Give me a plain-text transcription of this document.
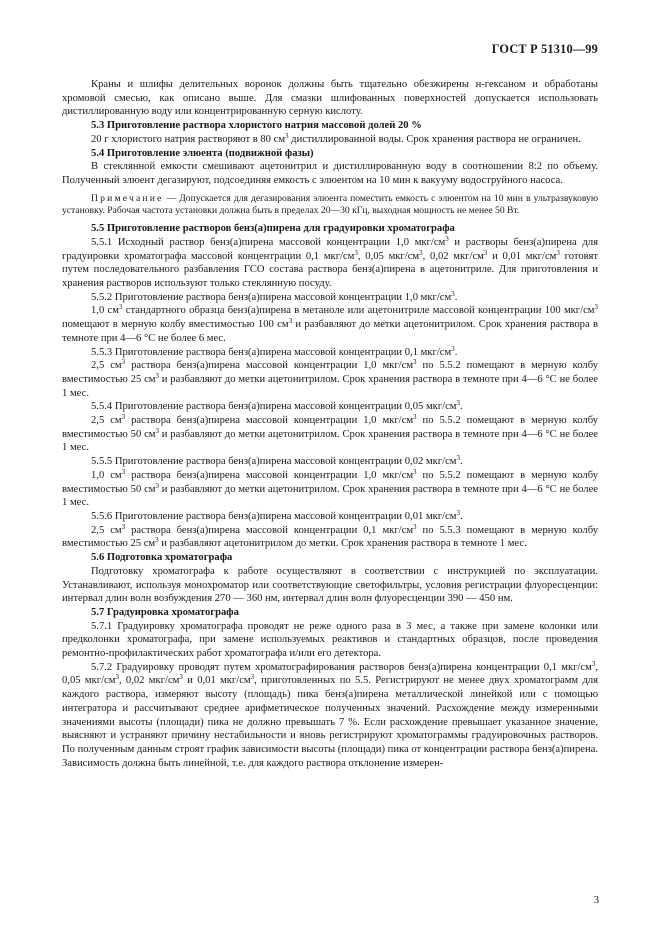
ГОСТ Р 51310—99

Краны и шлифы делительных воронок должны быть тщательно обезжирены н-гексаном и обработаны хромовой смесью, как описано выше. Для смазки шлифованных поверхностей допускается использовать дистиллированную воду или концентрированную серную кислоту.

5.3 Приготовление раствора хлористого натрия массовой долей 20 %

20 г хлористого натрия растворяют в 80 $см^3$ дистиллированной воды. Срок хранения раствора не ограничен.

5.4 Приготовление элюента (подвижной фазы)

В стеклянной емкости смешивают ацетонитрил и дистиллированную воду в соотношении 8:2 по объему. Полученный элюент дегазируют, подсоединяя емкость с элюентом на 10 мин к вакууму водоструйного насоса.

Примечание — Допускается для дегазирования элюента поместить емкость с элюентом на 10 мин в ультразвуковую установку. Рабочая частота установки должна быть в пределах 20—30 кГц, выходная мощность не менее 50 Вт.

5.5 Приготовление растворов бенз(а)пирена для градуировки хроматографа

5.5.1 Исходный раствор бенз(а)пирена массовой концентрации 1,0 мкг/$см^3$ и растворы бенз(а)пирена для градуировки хроматографа массовой концентрации 0,1 мкг/$см^3$, 0,05 мкг/$см^3$, 0,02 мкг/$см^3$ и 0,01 мкг/$см^3$ готовят путем последовательного разбавления ГСО состава раствора бенз(а)пирена в ацетонитриле. Для приготовления и хранения растворов используют только стеклянную посуду.

5.5.2 Приготовление раствора бенз(а)пирена массовой концентрации 1,0 мкг/$см^3$.

1,0 $см^3$ стандартного образца бенз(а)пирена в метаноле или ацетонитриле массовой концентрации 100 мкг/$см^3$ помещают в мерную колбу вместимостью 100 $см^3$ и разбавляют до метки ацетонитрилом. Срок хранения раствора в темноте при 4—6 °С не более 6 мес.

5.5.3 Приготовление раствора бенз(а)пирена массовой концентрации 0,1 мкг/$см^3$.

2,5 $см^3$ раствора бенз(а)пирена массовой концентрации 1,0 мкг/$см^3$ по 5.5.2 помещают в мерную колбу вместимостью 25 $см^3$ и разбавляют до метки ацетонитрилом. Срок хранения раствора в темноте при 4—6 °С не более 1 мес.

5.5.4 Приготовление раствора бенз(а)пирена массовой концентрации 0,05 мкг/$см^3$.

2,5 $см^3$ раствора бенз(а)пирена массовой концентрации 1,0 мкг/$см^3$ по 5.5.2 помещают в мерную колбу вместимостью 50 $см^3$ и разбавляют до метки ацетонитрилом. Срок хранения раствора в темноте при 4—6 °С не более 1 мес.

5.5.5 Приготовление раствора бенз(а)пирена массовой концентрации 0,02 мкг/$см^3$.

1,0 $см^3$ раствора бенз(а)пирена массовой концентрации 1,0 мкг/$см^3$ по 5.5.2 помещают в мерную колбу вместимостью 50 $см^3$ и разбавляют до метки ацетонитрилом. Срок хранения раствора в темноте при 4—6 °С не более 1 мес.

5.5.6 Приготовление раствора бенз(а)пирена массовой концентрации 0,01 мкг/$см^3$.

2,5 $см^3$ раствора бенз(а)пирена массовой концентрации 0,1 мкг/$см^3$ по 5.5.3 помещают в мерную колбу вместимостью 25 $см^3$ и разбавляют ацетонитрилом до метки. Срок хранения раствора в темноте 1 мес.

5.6 Подготовка хроматографа

Подготовку хроматографа к работе осуществляют в соответствии с инструкцией по эксплуатации. Устанавливают, используя монохроматор или соответствующие светофильтры, условия регистрации флуоресценции: интервал длин волн возбуждения 270 — 360 нм, интервал длин волн флуоресценции 390 — 450 нм.

5.7 Градуировка хроматографа

5.7.1 Градуировку хроматографа проводят не реже одного раза в 3 мес, а также при замене колонки или предколонки хроматографа, при замене используемых реактивов и стандартных образцов, после проведения ремонтно-профилактических работ хроматографа и/или его детектора.

5.7.2 Градуировку проводят путем хроматографирования растворов бенз(а)пирена концентрации 0,1 мкг/$см^3$, 0,05 мкг/$см^3$, 0,02 мкг/$см^3$ и 0,01 мкг/$см^3$, приготовленных по 5.5. Регистрируют не менее двух хроматограмм для каждого раствора, измеряют высоту (площадь) пика бенз(а)пирена металлической линейкой или с помощью интегратора и рассчитывают среднее арифметическое полученных значений. Расхождение между измеренными значениями высоты (площади) пика не должно превышать 7 %. Если расхождение превышает указанное значение, выясняют и устраняют причину нестабильности и вновь регистрируют хроматограммы градуировочных растворов. По полученным данным строят график зависимости высоты (площади) пика от концентрации раствора бенз(а)пирена. Зависимость должна быть линейной, т.е. для каждого раствора отклонение измерен-

3
